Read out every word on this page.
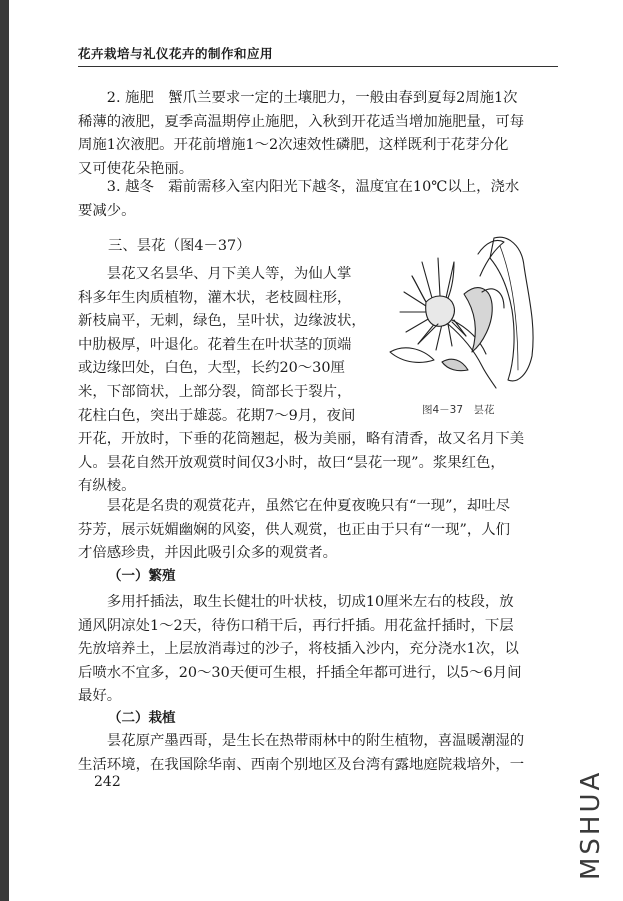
花卉栽培与礼仪花卉的制作和应用

2. 施肥　蟹爪兰要求一定的土壤肥力，一般由春到夏每2周施1次

稀薄的液肥，夏季高温期停止施肥，入秋到开花适当增加施肥量，可每

周施1次液肥。开花前增施1～2次速效性磷肥，这样既利于花芽分化

又可使花朵艳丽。

3. 越冬　霜前需移入室内阳光下越冬，温度宜在10℃以上，浇水

要减少。

三、昙花（图4－37）

昙花又名昙华、月下美人等，为仙人掌

科多年生肉质植物，灌木状，老枝圆柱形，

新枝扁平，无刺，绿色，呈叶状，边缘波状，

中肋极厚，叶退化。花着生在叶状茎的顶端

或边缘凹处，白色，大型，长约20～30厘

米，下部筒状，上部分裂，筒部长于裂片，

花柱白色，突出于雄蕊。花期7～9月，夜间	图4－37　昙花

开花，开放时，下垂的花筒翘起，极为美丽，略有清香，故又名月下美

人。昙花自然开放观赏时间仅3小时，故曰“昙花一现”。浆果红色，

有纵棱。

昙花是名贵的观赏花卉，虽然它在仲夏夜晚只有“一现”，却吐尽

芬芳，展示妩媚幽娴的风姿，供人观赏，也正由于只有“一现”，人们

才倍感珍贵，并因此吸引众多的观赏者。

（一）繁殖

多用扦插法，取生长健壮的叶状枝，切成10厘米左右的枝段，放

通风阴凉处1～2天，待伤口稍干后，再行扦插。用花盆扦插时，下层

先放培养土，上层放消毒过的沙子，将枝插入沙内，充分浇水1次，以

后喷水不宜多，20～30天便可生根，扦插全年都可进行，以5～6月间

最好。

（二）栽植

昙花原产墨西哥，是生长在热带雨林中的附生植物，喜温暖潮湿的

生活环境，在我国除华南、西南个别地区及台湾有露地庭院栽培外，一

242	MSHUA
